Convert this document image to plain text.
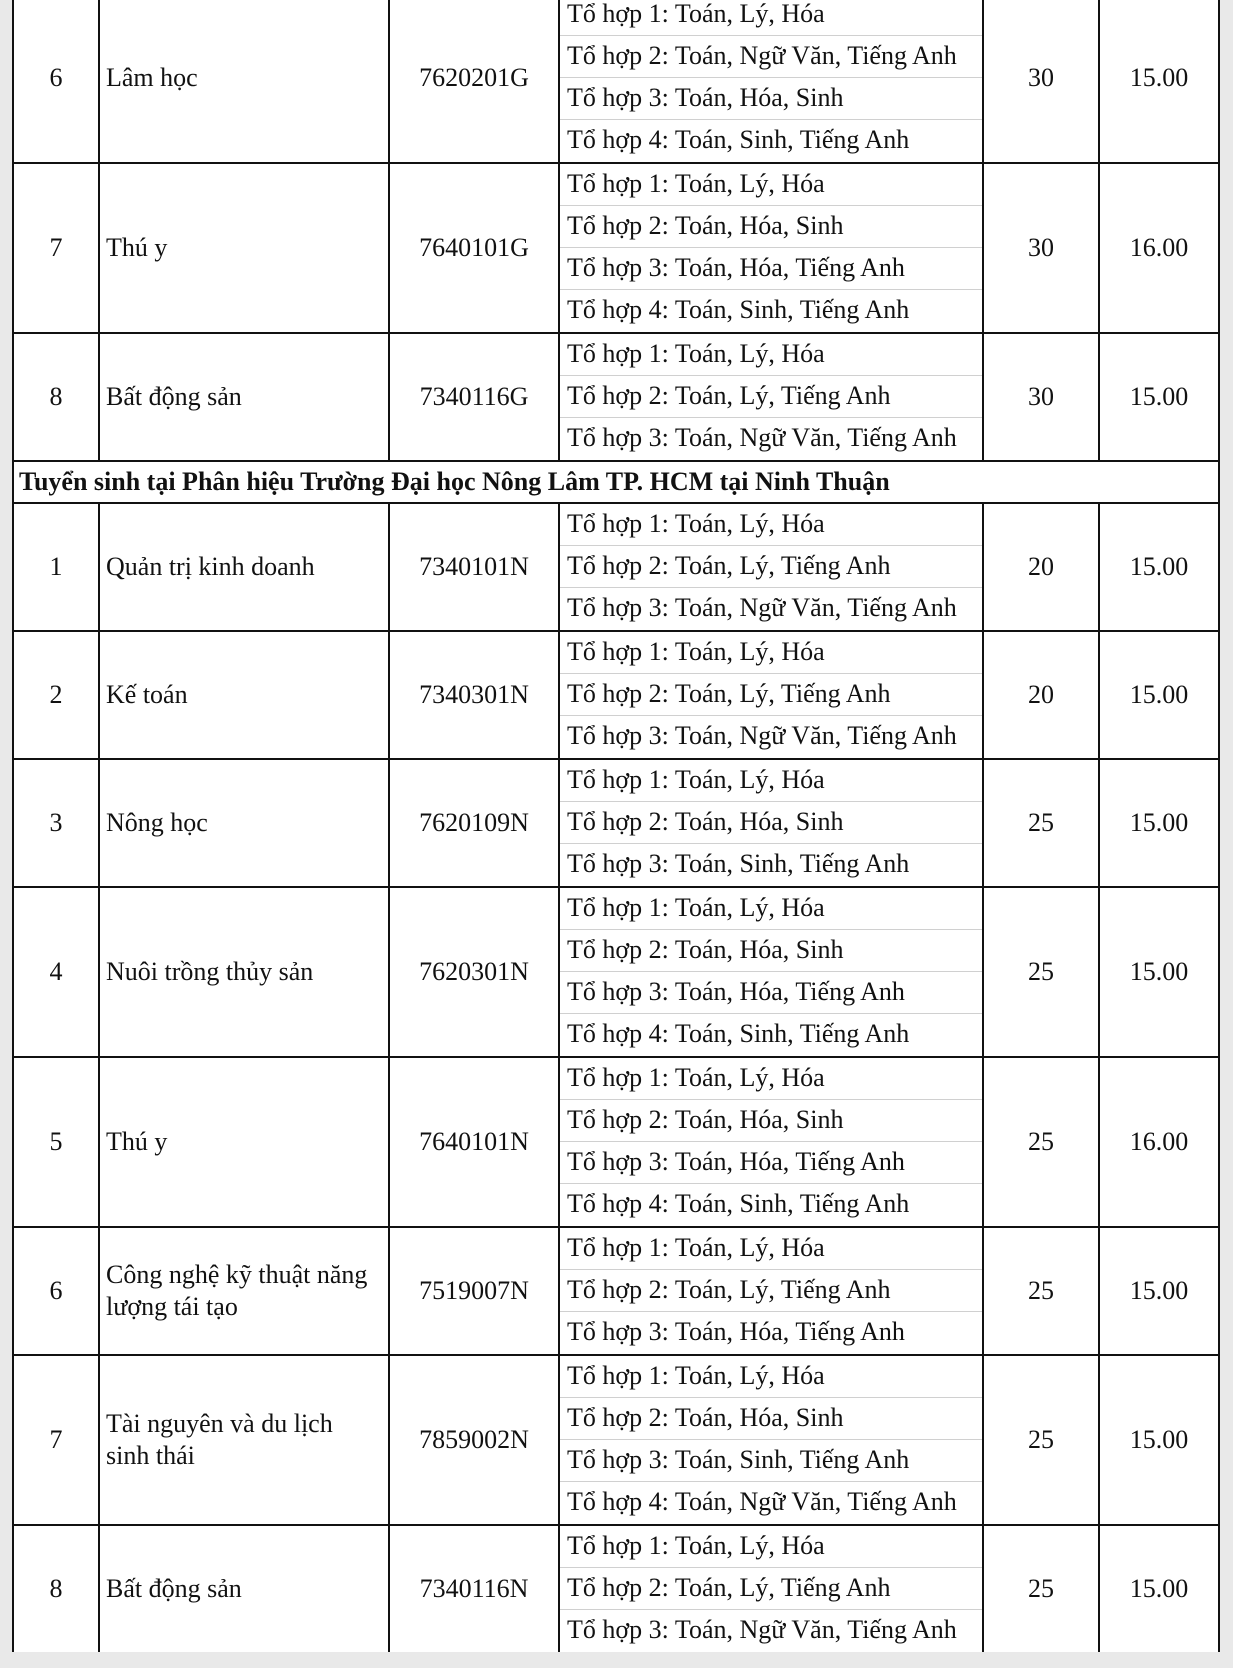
6	Lâm học	7620201G	Tổ hợp 1: Toán, Lý, Hóa
Tổ hợp 2: Toán, Ngữ Văn, Tiếng Anh
Tổ hợp 3: Toán, Hóa, Sinh
Tổ hợp 4: Toán, Sinh, Tiếng Anh	30	15.00
7	Thú y	7640101G	Tổ hợp 1: Toán, Lý, Hóa
Tổ hợp 2: Toán, Hóa, Sinh
Tổ hợp 3: Toán, Hóa, Tiếng Anh
Tổ hợp 4: Toán, Sinh, Tiếng Anh	30	16.00
8	Bất động sản	7340116G	Tổ hợp 1: Toán, Lý, Hóa
Tổ hợp 2: Toán, Lý, Tiếng Anh
Tổ hợp 3: Toán, Ngữ Văn, Tiếng Anh	30	15.00
Tuyển sinh tại Phân hiệu Trường Đại học Nông Lâm TP. HCM tại Ninh Thuận					
1	Quản trị kinh doanh	7340101N	Tổ hợp 1: Toán, Lý, Hóa
Tổ hợp 2: Toán, Lý, Tiếng Anh
Tổ hợp 3: Toán, Ngữ Văn, Tiếng Anh	20	15.00
2	Kế toán	7340301N	Tổ hợp 1: Toán, Lý, Hóa
Tổ hợp 2: Toán, Lý, Tiếng Anh
Tổ hợp 3: Toán, Ngữ Văn, Tiếng Anh	20	15.00
3	Nông học	7620109N	Tổ hợp 1: Toán, Lý, Hóa
Tổ hợp 2: Toán, Hóa, Sinh
Tổ hợp 3: Toán, Sinh, Tiếng Anh	25	15.00
4	Nuôi trồng thủy sản	7620301N	Tổ hợp 1: Toán, Lý, Hóa
Tổ hợp 2: Toán, Hóa, Sinh
Tổ hợp 3: Toán, Hóa, Tiếng Anh
Tổ hợp 4: Toán, Sinh, Tiếng Anh	25	15.00
5	Thú y	7640101N	Tổ hợp 1: Toán, Lý, Hóa
Tổ hợp 2: Toán, Hóa, Sinh
Tổ hợp 3: Toán, Hóa, Tiếng Anh
Tổ hợp 4: Toán, Sinh, Tiếng Anh	25	16.00
6	Công nghệ kỹ thuật năng lượng tái tạo	7519007N	Tổ hợp 1: Toán, Lý, Hóa
Tổ hợp 2: Toán, Lý, Tiếng Anh
Tổ hợp 3: Toán, Hóa, Tiếng Anh	25	15.00
7	Tài nguyên và du lịch sinh thái	7859002N	Tổ hợp 1: Toán, Lý, Hóa
Tổ hợp 2: Toán, Hóa, Sinh
Tổ hợp 3: Toán, Sinh, Tiếng Anh
Tổ hợp 4: Toán, Ngữ Văn, Tiếng Anh	25	15.00
8	Bất động sản	7340116N	Tổ hợp 1: Toán, Lý, Hóa
Tổ hợp 2: Toán, Lý, Tiếng Anh
Tổ hợp 3: Toán, Ngữ Văn, Tiếng Anh	25	15.00
